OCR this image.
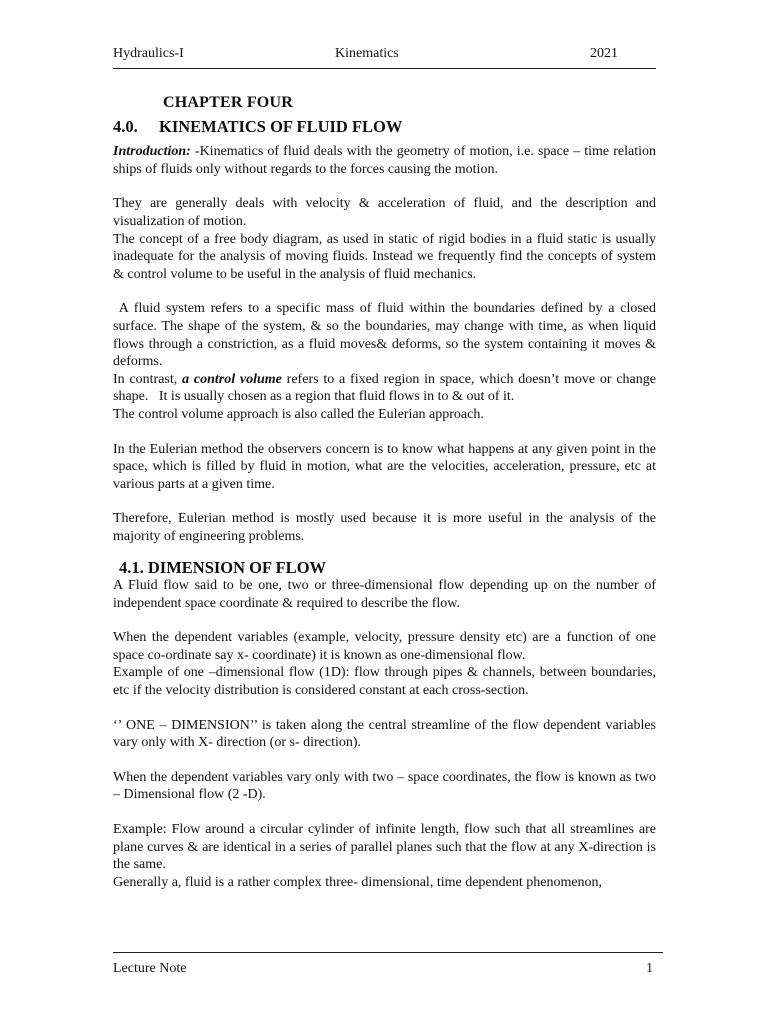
Hydraulics-I	Kinematics	2021
CHAPTER FOUR
4.0. KINEMATICS OF FLUID FLOW

Introduction: -Kinematics of fluid deals with the geometry of motion, i.e. space – time relation ships of fluids only without regards to the forces causing the motion.

They are generally deals with velocity & acceleration of fluid, and the description and visualization of motion.

The concept of a free body diagram, as used in static of rigid bodies in a fluid static is usually inadequate for the analysis of moving fluids. Instead we frequently find the concepts of system & control volume to be useful in the analysis of fluid mechanics.

A fluid system refers to a specific mass of fluid within the boundaries defined by a closed surface. The shape of the system, & so the boundaries, may change with time, as when liquid flows through a constriction, as a fluid moves& deforms, so the system containing it moves & deforms.

In contrast, a control volume refers to a fixed region in space, which doesn’t move or change shape.   It is usually chosen as a region that fluid flows in to & out of it.

The control volume approach is also called the Eulerian approach.

In the Eulerian method the observers concern is to know what happens at any given point in the space, which is filled by fluid in motion, what are the velocities, acceleration, pressure, etc at various parts at a given time.

Therefore, Eulerian method is mostly used because it is more useful in the analysis of the majority of engineering problems.

4.1. DIMENSION OF FLOW

A Fluid flow said to be one, two or three-dimensional flow depending up on the number of independent space coordinate & required to describe the flow.

When the dependent variables (example, velocity, pressure density etc) are a function of one space co-ordinate say x- coordinate) it is known as one-dimensional flow.

Example of one –dimensional flow (1D): flow through pipes & channels, between boundaries, etc if the velocity distribution is considered constant at each cross-section.

‘’ ONE – DIMENSION’’ is taken along the central streamline of the flow dependent variables vary only with X- direction (or s- direction).

When the dependent variables vary only with two – space coordinates, the flow is known as two – Dimensional flow (2 -D).

Example: Flow around a circular cylinder of infinite length, flow such that all streamlines are plane curves & are identical in a series of parallel planes such that the flow at any X-direction is the same.

Generally a, fluid is a rather complex three- dimensional, time dependent phenomenon,

Lecture Note	1
